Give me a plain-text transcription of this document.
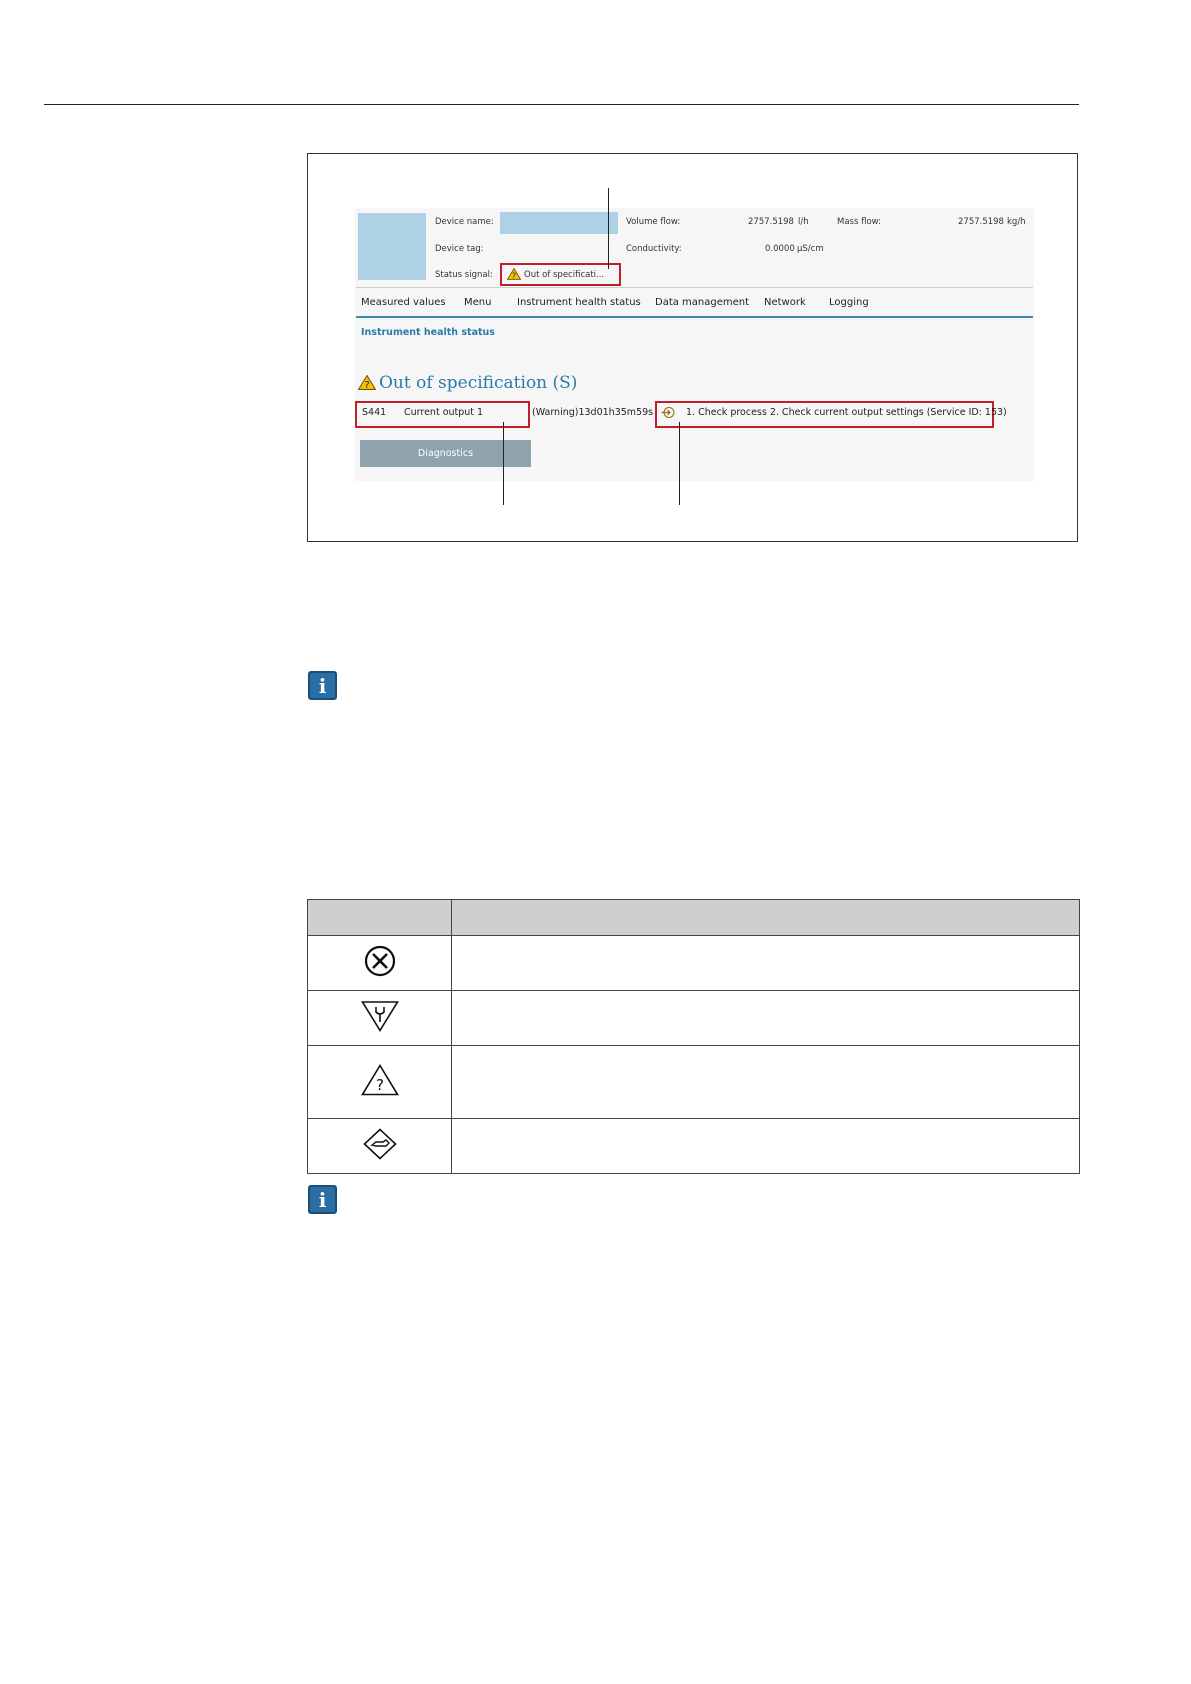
Device name:
Device tag:
Status signal: ? Out of specificati...
Volume flow:	2757.5198 l/h	Mass flow:	2757.5198 kg/h
Conductivity:	0.0000 µS/cm
Measured values Menu	Instrument health status Data management Network Logging
Instrument health status
? Out of specification (S)
S441 Current output 1	(Warning)13d01h35m59s	1. Check process 2. Check current output settings (Service ID: 153)
Diagnostics
i

?	

i
